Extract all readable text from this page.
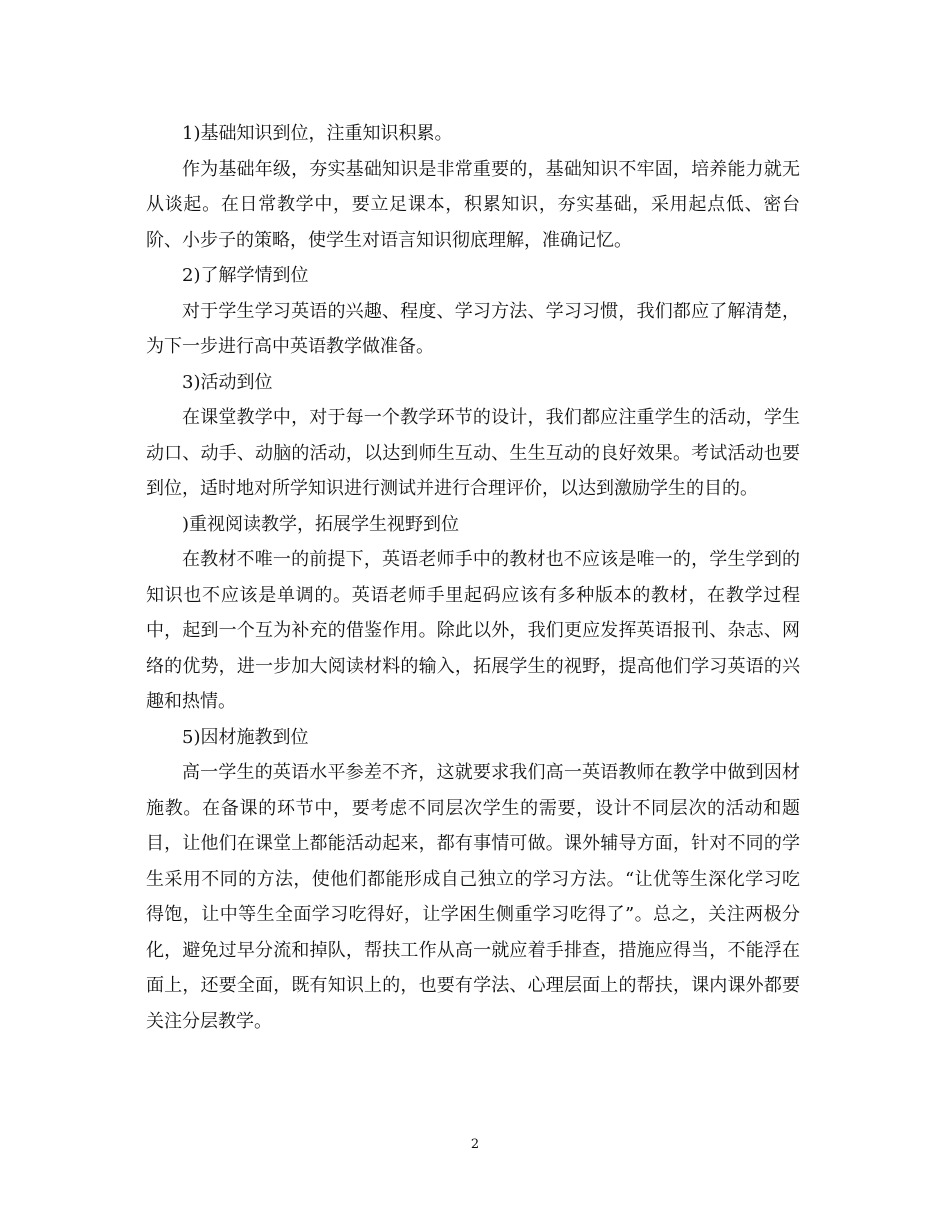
1)基础知识到位，注重知识积累。

作为基础年级，夯实基础知识是非常重要的，基础知识不牢固，培养能力就无从谈起。在日常教学中，要立足课本，积累知识，夯实基础，采用起点低、密台阶、小步子的策略，使学生对语言知识彻底理解，准确记忆。

2)了解学情到位

对于学生学习英语的兴趣、程度、学习方法、学习习惯，我们都应了解清楚，为下一步进行高中英语教学做准备。

3)活动到位

在课堂教学中，对于每一个教学环节的设计，我们都应注重学生的活动，学生动口、动手、动脑的活动，以达到师生互动、生生互动的良好效果。考试活动也要到位，适时地对所学知识进行测试并进行合理评价，以达到激励学生的目的。

)重视阅读教学，拓展学生视野到位

在教材不唯一的前提下，英语老师手中的教材也不应该是唯一的，学生学到的知识也不应该是单调的。英语老师手里起码应该有多种版本的教材，在教学过程中，起到一个互为补充的借鉴作用。除此以外，我们更应发挥英语报刊、杂志、网络的优势，进一步加大阅读材料的输入，拓展学生的视野，提高他们学习英语的兴趣和热情。

5)因材施教到位

高一学生的英语水平参差不齐，这就要求我们高一英语教师在教学中做到因材施教。在备课的环节中，要考虑不同层次学生的需要，设计不同层次的活动和题目，让他们在课堂上都能活动起来，都有事情可做。课外辅导方面，针对不同的学生采用不同的方法，使他们都能形成自己独立的学习方法。“让优等生深化学习吃得饱，让中等生全面学习吃得好，让学困生侧重学习吃得了”。总之，关注两极分化，避免过早分流和掉队，帮扶工作从高一就应着手排查，措施应得当，不能浮在面上，还要全面，既有知识上的，也要有学法、心理层面上的帮扶，课内课外都要关注分层教学。

2
